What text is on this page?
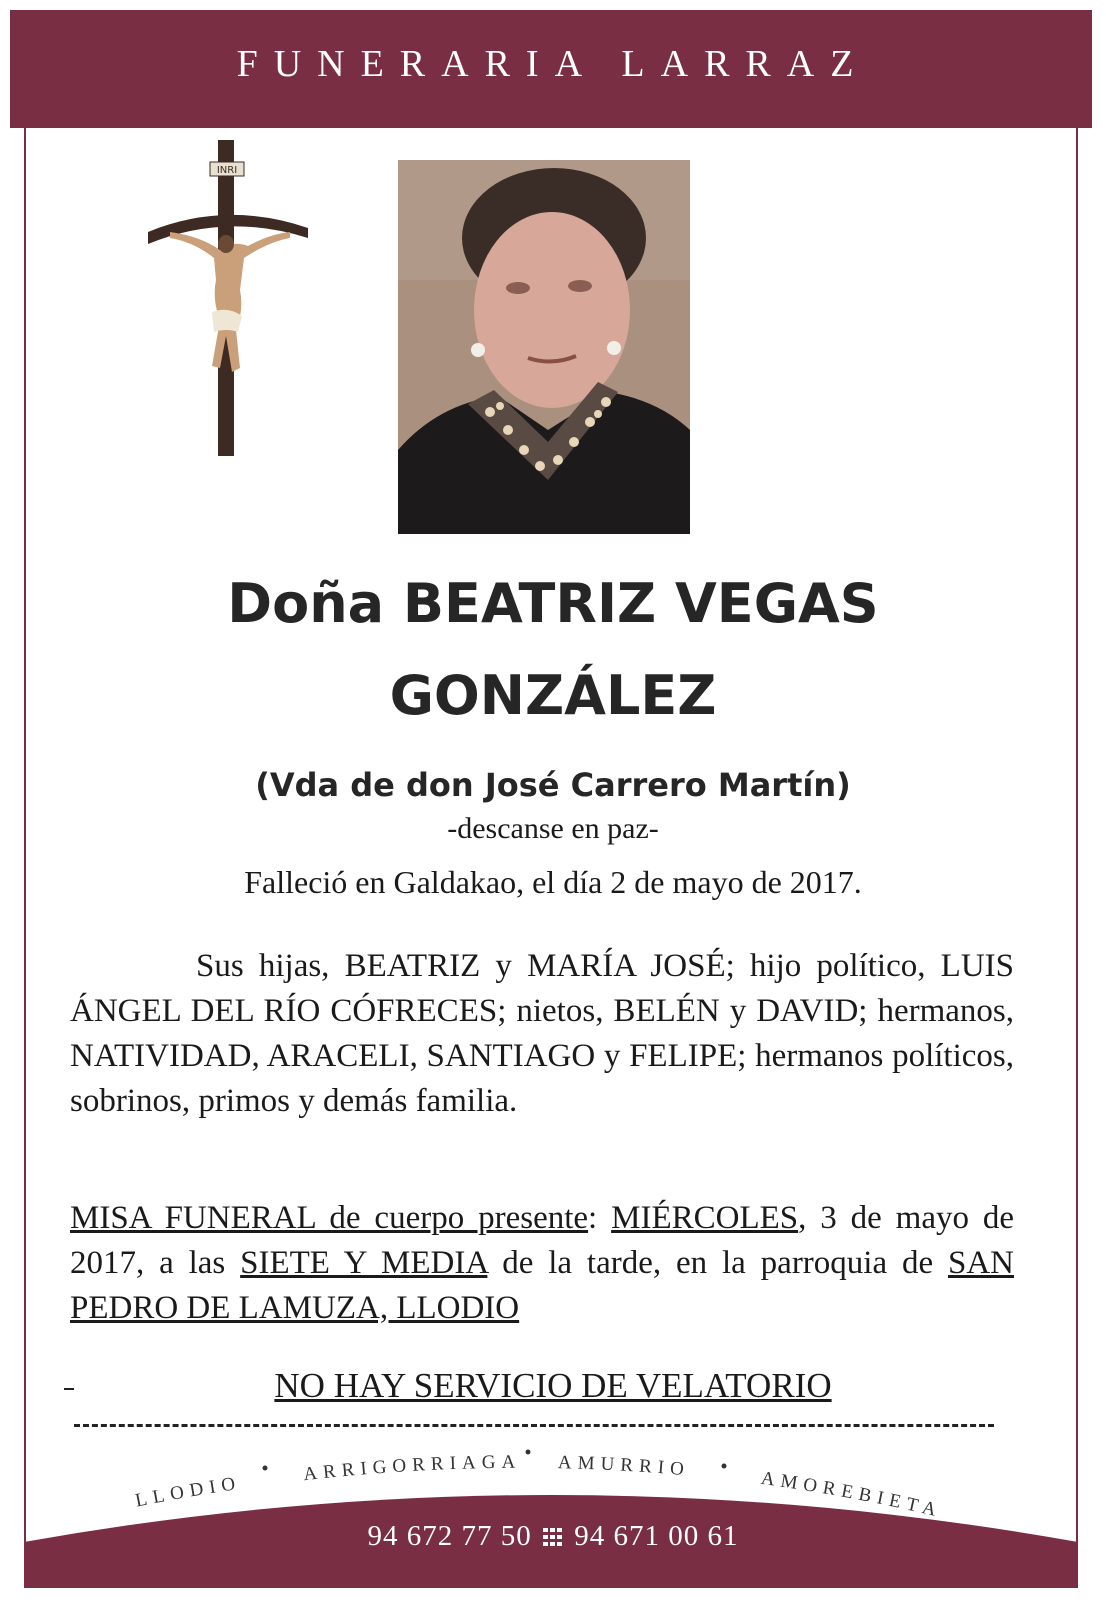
FUNERARIA LARRAZ
INRI
Doña BEATRIZ VEGAS
GONZÁLEZ
(Vda de don José Carrero Martín)
-descanse en paz-
Falleció en Galdakao, el día 2 de mayo de 2017.
Sus hijas, BEATRIZ y MARÍA JOSÉ; hijo político, LUIS ÁNGEL DEL RÍO CÓFRECES; nietos, BELÉN y DAVID; hermanos, NATIVIDAD, ARACELI, SANTIAGO y FELIPE; hermanos políticos, sobrinos, primos y demás familia.
MISA FUNERAL de cuerpo presente: MIÉRCOLES, 3 de mayo de 2017, a las SIETE Y MEDIA de la tarde, en la parroquia de SAN PEDRO DE LAMUZA, LLODIO
NO HAY SERVICIO DE VELATORIO
LLODIO	ARRIGORRIAGA AMURRIO	AMOREBIETA
94 672 77 50 94 671 00 61
